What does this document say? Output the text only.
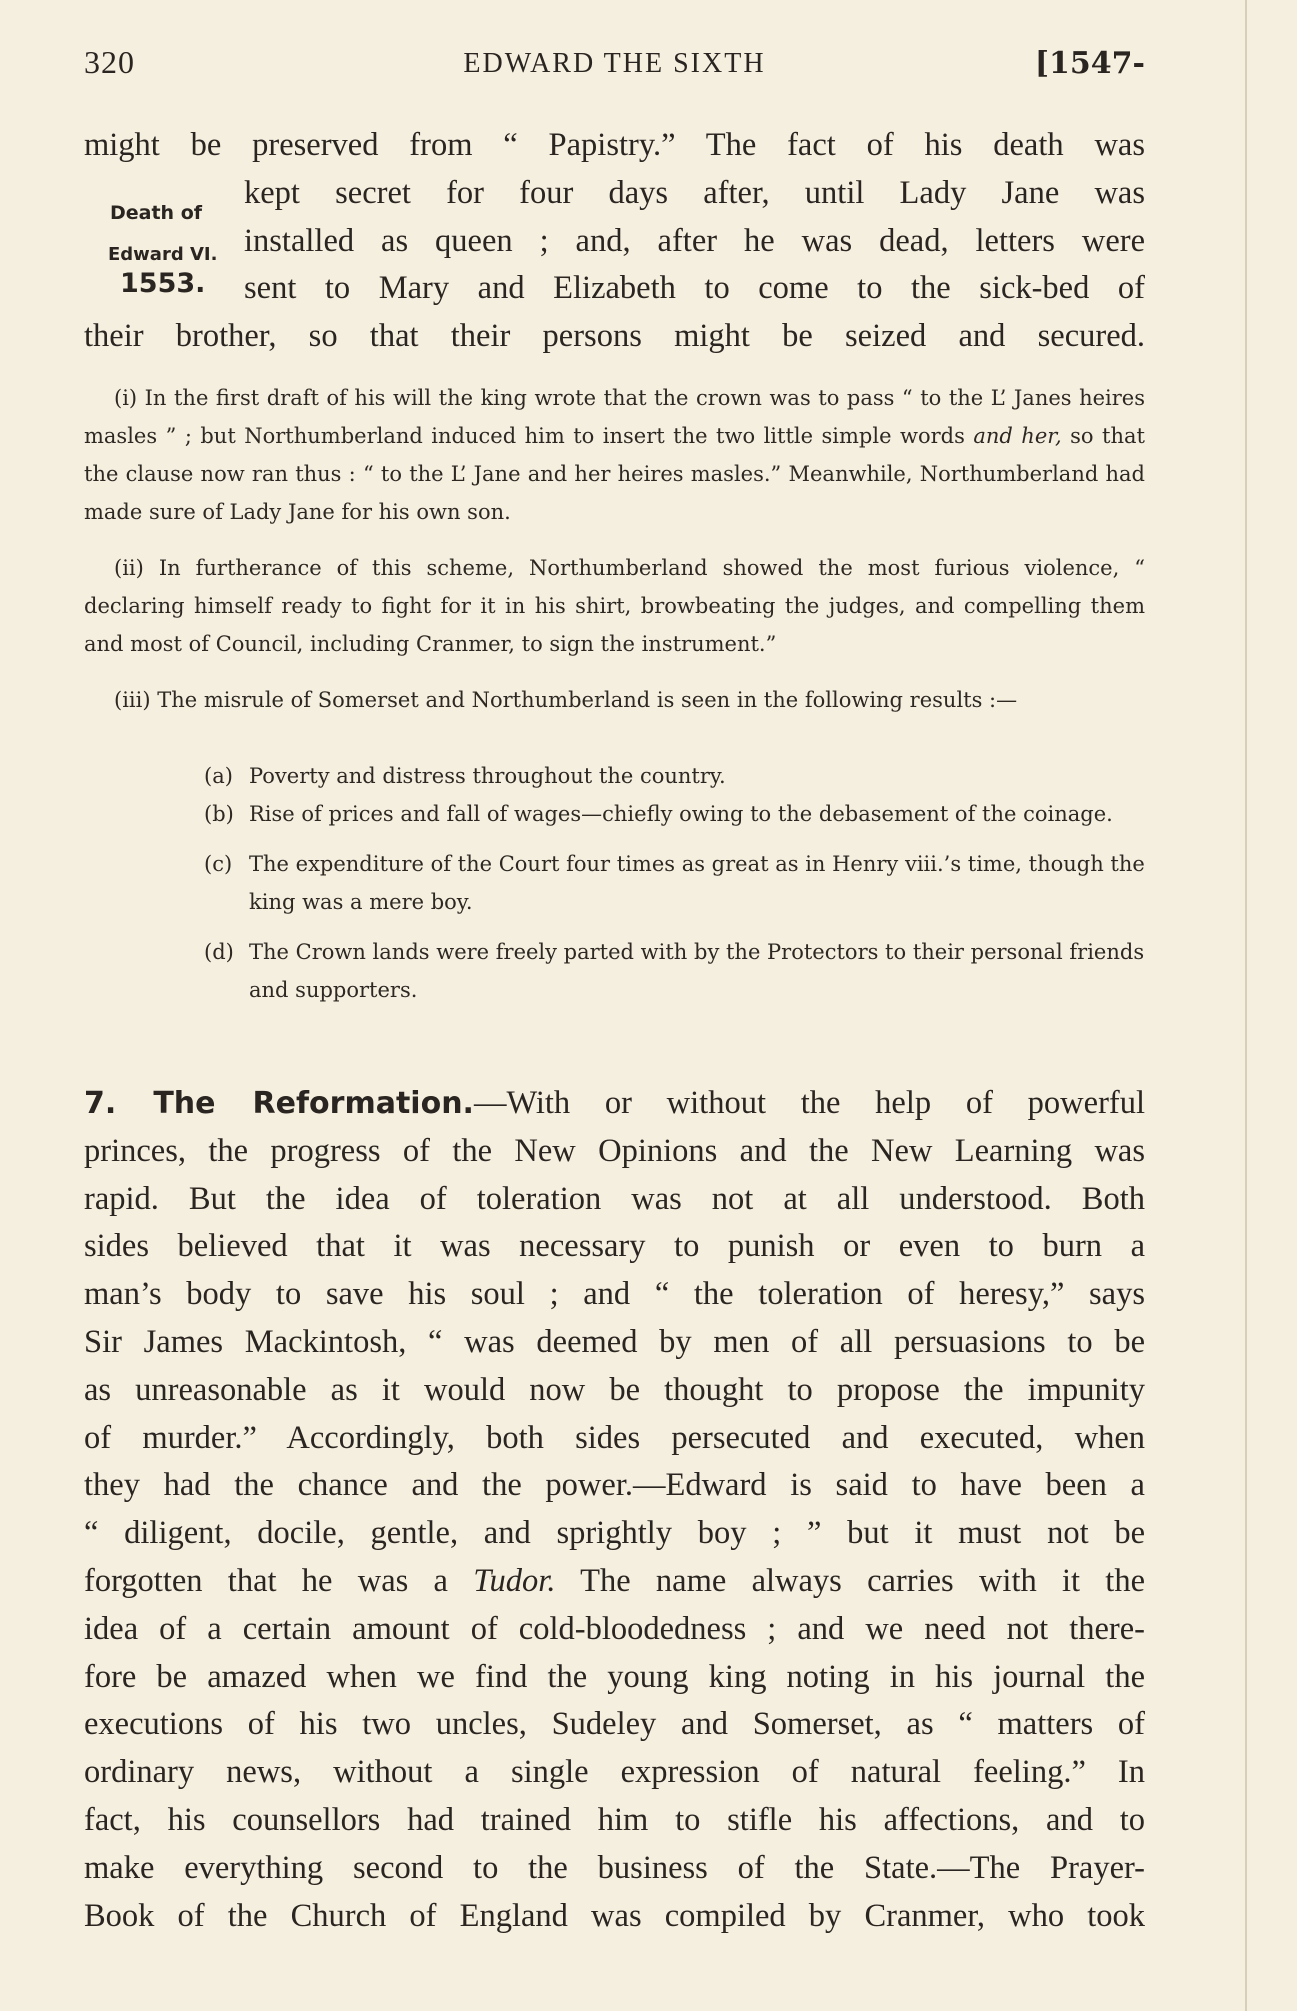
320	EDWARD THE SIXTH	[1547-
Death of
Edward VI.
1553.
might be preserved from “ Papistry.” The fact of his death was
kept secret for four days after, until Lady Jane was
installed as queen ; and, after he was dead, letters were
sent to Mary and Elizabeth to come to the sick-bed of
their brother, so that their persons might be seized and secured.
(i) In the first draft of his will the king wrote that the crown was to pass “ to the L’ Janes heires masles ” ; but Northumberland induced him to insert the two little simple words and her, so that the clause now ran thus : “ to the L’ Jane and her heires masles.” Meanwhile, Northumberland had made sure of Lady Jane for his own son.
(ii) In furtherance of this scheme, Northumberland showed the most furious violence, “ declaring himself ready to fight for it in his shirt, browbeating the judges, and compelling them and most of Council, including Cranmer, to sign the instrument.”
(iii) The misrule of Somerset and Northumberland is seen in the following results :—
(a) Poverty and distress throughout the country.
(b) Rise of prices and fall of wages—chiefly owing to the debasement of the coinage.
(c) The expenditure of the Court four times as great as in Henry viii.’s time, though the king was a mere boy.
(d) The Crown lands were freely parted with by the Protectors to their personal friends and supporters.
7. The Reformation.—With or without the help of powerful
princes, the progress of the New Opinions and the New Learning was
rapid. But the idea of toleration was not at all understood. Both
sides believed that it was necessary to punish or even to burn a
man’s body to save his soul ; and “ the toleration of heresy,” says
Sir James Mackintosh, “ was deemed by men of all persuasions to be
as unreasonable as it would now be thought to propose the impunity
of murder.” Accordingly, both sides persecuted and executed, when
they had the chance and the power.—Edward is said to have been a
“ diligent, docile, gentle, and sprightly boy ; ” but it must not be
forgotten that he was a Tudor. The name always carries with it the
idea of a certain amount of cold-bloodedness ; and we need not there-
fore be amazed when we find the young king noting in his journal the
executions of his two uncles, Sudeley and Somerset, as “ matters of
ordinary news, without a single expression of natural feeling.” In
fact, his counsellors had trained him to stifle his affections, and to
make everything second to the business of the State.—The Prayer-
Book of the Church of England was compiled by Cranmer, who took
